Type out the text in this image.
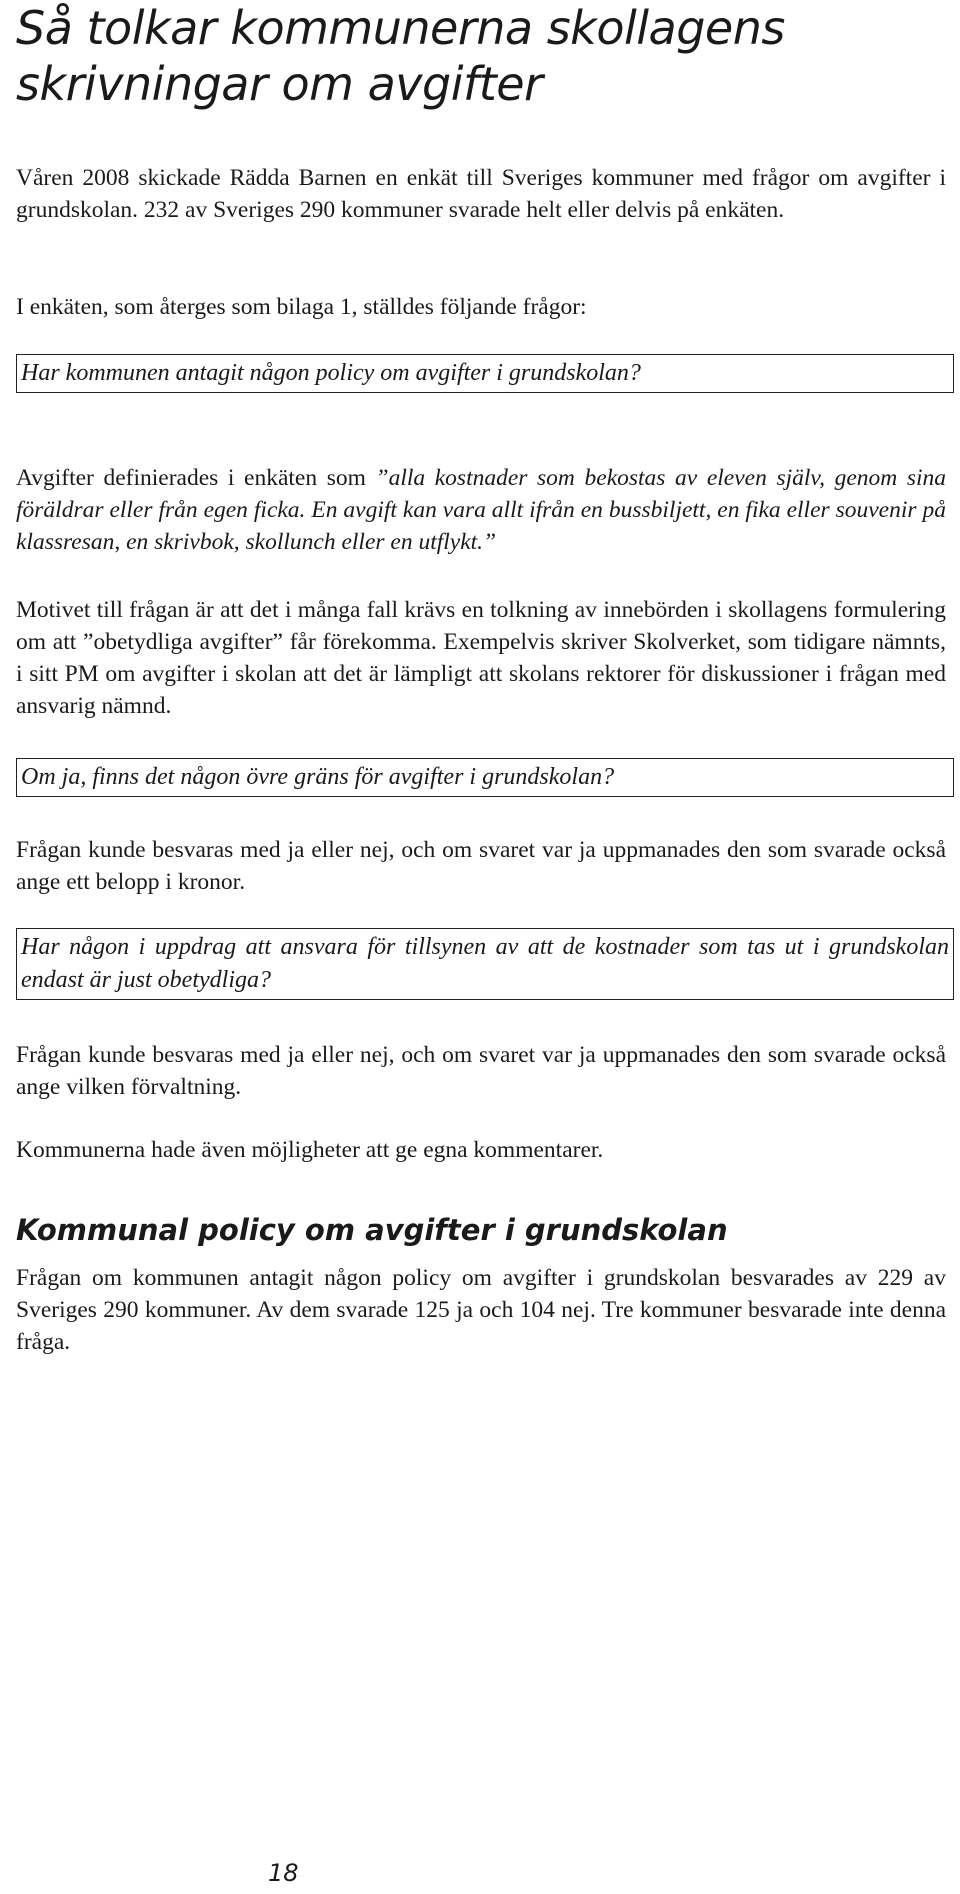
Så tolkar kommunerna skollagens skrivningar om avgifter

Våren 2008 skickade Rädda Barnen en enkät till Sveriges kommuner med frågor om avgifter i grundskolan. 232 av Sveriges 290 kommuner svarade helt eller delvis på enkäten.

I enkäten, som återges som bilaga 1, ställdes följande frågor:

Har kommunen antagit någon policy om avgifter i grundskolan?

Avgifter definierades i enkäten som ”alla kostnader som bekostas av eleven själv, genom sina föräldrar eller från egen ficka. En avgift kan vara allt ifrån en bussbiljett, en fika eller souvenir på klassresan, en skrivbok, skollunch eller en utflykt.”

Motivet till frågan är att det i många fall krävs en tolkning av innebörden i skollagens formulering om att ”obetydliga avgifter” får förekomma. Exempelvis skriver Skolverket, som tidigare nämnts, i sitt PM om avgifter i skolan att det är lämpligt att skolans rektorer för diskussioner i frågan med ansvarig nämnd.

Om ja, finns det någon övre gräns för avgifter i grundskolan?

Frågan kunde besvaras med ja eller nej, och om svaret var ja uppmanades den som svarade också ange ett belopp i kronor.

Har någon i uppdrag att ansvara för tillsynen av att de kostnader som tas ut i grundskolan endast är just obetydliga?

Frågan kunde besvaras med ja eller nej, och om svaret var ja uppmanades den som svarade också ange vilken förvaltning.

Kommunerna hade även möjligheter att ge egna kommentarer.

Kommunal policy om avgifter i grundskolan

Frågan om kommunen antagit någon policy om avgifter i grundskolan besvarades av 229 av Sveriges 290 kommuner. Av dem svarade 125 ja och 104 nej. Tre kommuner besvarade inte denna fråga.

18
